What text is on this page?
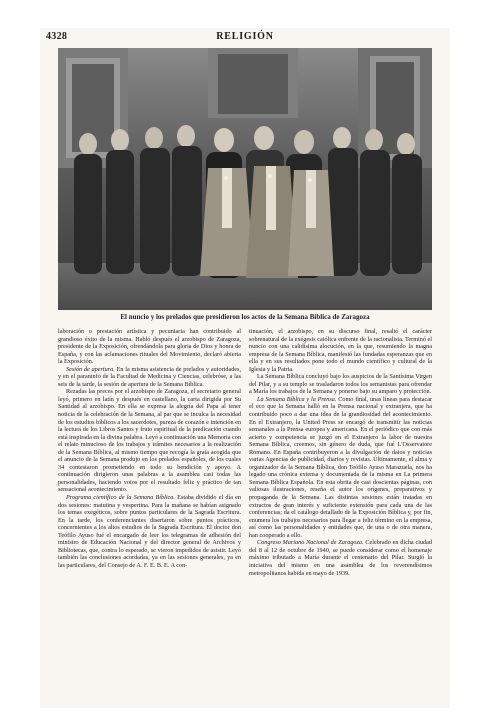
4328	RELIGIÓN
El nuncio y los prelados que presidieron los actos de la Semana Bíblica de Zaragoza

laboración o prestación artística y pecuniaria han contribuido al grandioso éxito de la misma. Habló después el arzobispo de Zaragoza, presidente de la Exposición, ofrendándola para gloria de Dios y honra de España, y con las aclamaciones rituales del Movimiento, declaró abierta la Exposición.

Sesión de apertura. En la misma asistencia de prelados y autoridades, y en el paraninfo de la Facultad de Medicina y Ciencias, celebróse, a las seis de la tarde, la sesión de apertura de la Semana Bíblica.

Rezadas las preces por el arzobispo de Zaragoza, el secretario general leyó, primero en latín y después en castellano, la carta dirigida por Su Santidad al arzobispo. En ella se expresa la alegría del Papa al tener noticia de la celebración de la Semana, al par que se inculca la necesidad de los estudios bíblicos a los sacerdotes, pureza de corazón e intención en la lectura de los Libros Santos y fruto espiritual de la predicación cuando está inspirada en la divina palabra. Leyó a continuación una Memoria con el relato minucioso de los trabajos y trámites necesarios a la realización de la Semana Bíblica, al mismo tiempo que recogía la grata acogida que el anuncio de la Semana produjo en los prelados españoles, de los cuales 34 contestaron prometiendo en todo su bendición y apoyo. A continuación dirigieron unas palabras a la asamblea casi todas las personalidades, haciendo votos por el resultado feliz y práctico de tan sensacional acontecimiento.

Programa científico de la Semana Bíblica. Estaba dividido el día en dos sesiones: matutina y vespertina. Para la mañana se habían asignado los temas exegéticos, sobre puntos particulares de la Sagrada Escritura. En la tarde, los conferenciantes disertaron sobre puntos prácticos, concernientes a los altos estudios de la Sagrada Escritura. El doctor don Teófilo Ayuso fué el encargado de leer los telegramas de adhesión del ministro de Educación Nacional y del director general de Archivos y Bibliotecas, que, contra lo esperado, se vieron impedidos de asistir. Leyó también las conclusiones acordadas, ya en las sesiones generales, ya en las particulares, del Consejo de A. F. E. B. E. A con-

tinuación, el arzobispo, en su discurso final, resaltó el carácter sobrenatural de la exégesis católica enfrente de la racionalista. Terminó el nuncio con una calidísima alocución, en la que, resumiendo la magna empresa de la Semana Bíblica, manifestó las fundadas esperanzas que en ella y en sus resultados pone todo el mundo científico y cultural de la Iglesia y la Patria.

La Semana Bíblica concluyó bajo los auspicios de la Santísima Virgen del Pilar, y a su templo se trasladaron todos los semanistas para ofrendar a María los trabajos de la Semana y ponerse bajo su amparo y protección.

La Semana Bíblica y la Prensa. Como final, unas líneas para destacar el eco que la Semana halló en la Prensa nacional y extranjera, que ha contribuido poco a dar una idea de la grandiosidad del acontecimiento. En el Extranjero, la United Press se encargó de transmitir las noticias semanales a la Prensa europea y americana. En el periódico que con más acierto y competencia se juzgó en el Extranjero la labor de nuestra Semana Bíblica, creemos, sin género de duda, que fué L'Osservatore Romano. En España contribuyeron a la divulgación de datos y noticias varias Agencias de publicidad, diarios y revistas. Últimamente, el alma y organizador de la Semana Bíblica, don Teófilo Ayuso Marazuela, nos ha legado una crónica extensa y documentada de la misma en La primera Semana Bíblica Española. En esta obrita de casi doscientas páginas, con valiosas ilustraciones, reseña el autor los orígenes, preparativos y propaganda de la Semana. Las distintas sesiones están tratadas en extractos de gran interés y suficiente extensión para cada una de las conferencias; da el catálogo detallado de la Exposición Bíblica y, por fin, enumera los trabajos necesarios para llegar a feliz término en la empresa, así como las personalidades y entidades que, de una o de otra manera, han cooperado a ello.

Congreso Mariano Nacional de Zaragoza. Celebrado en dicha ciudad del 8 al 12 de octubre de 1940, se puede considerar como el homenaje máximo tributado a María durante el centenario del Pilar. Surgió la iniciativa del mismo en una asamblea de los reverendísimos metropolitanos habida en mayo de 1939.
